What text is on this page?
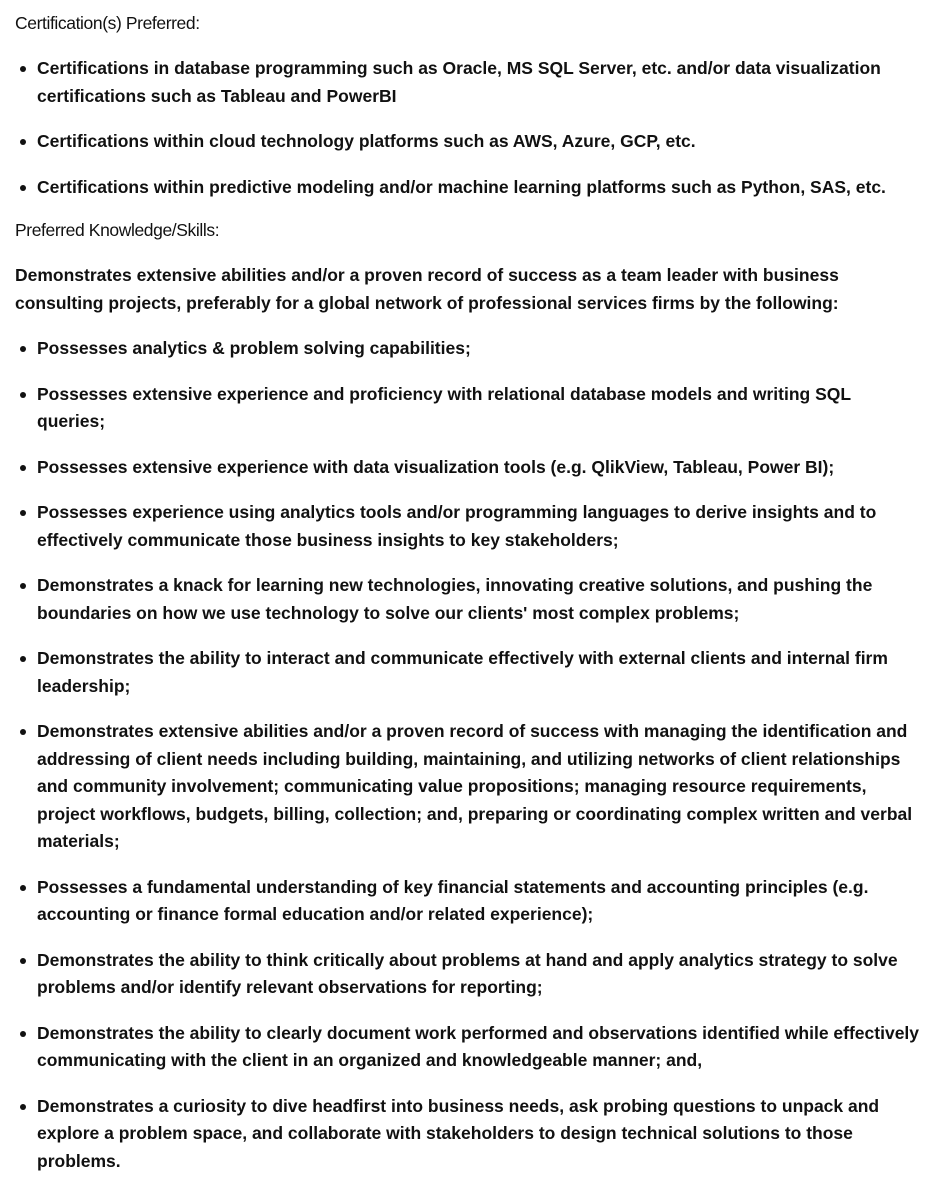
Certification(s) Preferred:

Certifications in database programming such as Oracle, MS SQL Server, etc. and/or data visualization certifications such as Tableau and PowerBI
Certifications within cloud technology platforms such as AWS, Azure, GCP, etc.
Certifications within predictive modeling and/or machine learning platforms such as Python, SAS, etc.

Preferred Knowledge/Skills:

Demonstrates extensive abilities and/or a proven record of success as a team leader with business consulting projects, preferably for a global network of professional services firms by the following:

Possesses analytics & problem solving capabilities;
Possesses extensive experience and proficiency with relational database models and writing SQL queries;
Possesses extensive experience with data visualization tools (e.g. QlikView, Tableau, Power BI);
Possesses experience using analytics tools and/or programming languages to derive insights and to effectively communicate those business insights to key stakeholders;
Demonstrates a knack for learning new technologies, innovating creative solutions, and pushing the boundaries on how we use technology to solve our clients' most complex problems;
Demonstrates the ability to interact and communicate effectively with external clients and internal firm leadership;
Demonstrates extensive abilities and/or a proven record of success with managing the identification and addressing of client needs including building, maintaining, and utilizing networks of client relationships and community involvement; communicating value propositions; managing resource requirements, project workflows, budgets, billing, collection; and, preparing or coordinating complex written and verbal materials;
Possesses a fundamental understanding of key financial statements and accounting principles (e.g. accounting or finance formal education and/or related experience);
Demonstrates the ability to think critically about problems at hand and apply analytics strategy to solve problems and/or identify relevant observations for reporting;
Demonstrates the ability to clearly document work performed and observations identified while effectively communicating with the client in an organized and knowledgeable manner; and,
Demonstrates a curiosity to dive headfirst into business needs, ask probing questions to unpack and explore a problem space, and collaborate with stakeholders to design technical solutions to those problems.
